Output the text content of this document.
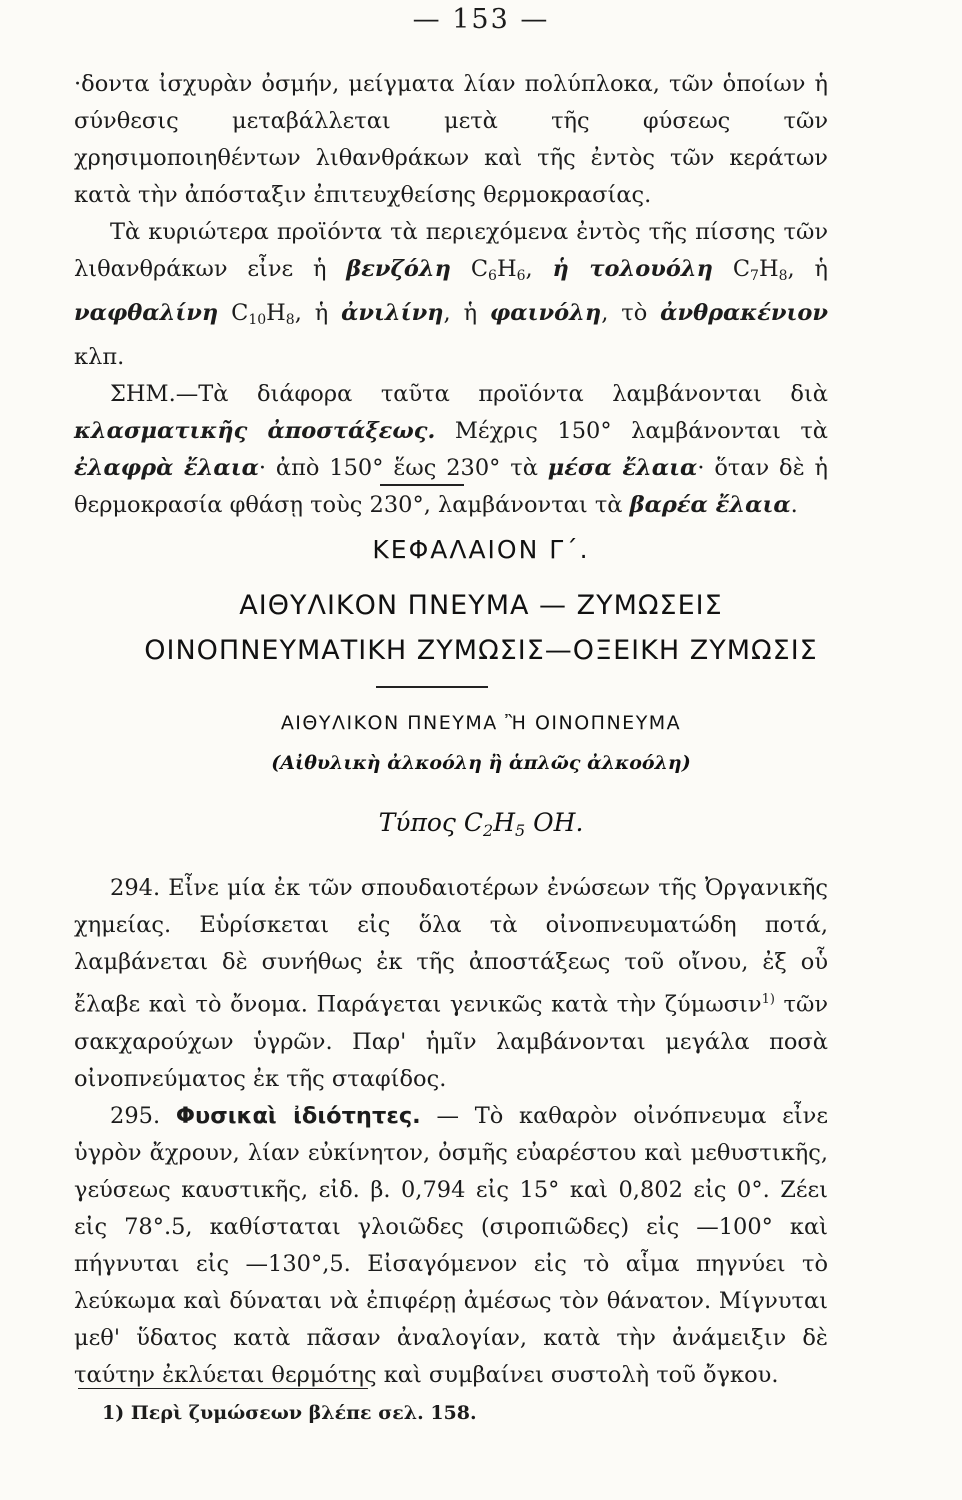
— 153 —

·δοντα ἰσχυρὰν ὀσμήν, μείγματα λίαν πολύπλοκα, τῶν ὁποίων ἡ σύνθεσις μεταβάλλεται μετὰ τῆς φύσεως τῶν χρησιμοποιηθέντων λιθανθράκων καὶ τῆς ἐντὸς τῶν κεράτων κατὰ τὴν ἀπόσταξιν ἐπιτευχθείσης θερμοκρασίας.

Τὰ κυριώτερα προϊόντα τὰ περιεχόμενα ἐντὸς τῆς πίσσης τῶν λιθανθράκων εἶνε ἡ βενζόλη $C_6H_6$, ἡ τολουόλη $C_7H_8$, ἡ ναφθαλίνη $C_{10}H_8$, ἡ ἀνιλίνη, ἡ φαινόλη, τὸ ἀνθρακένιον κλπ.

ΣΗΜ.—Τὰ διάφορα ταῦτα προϊόντα λαμβάνονται διὰ κλασματικῆς ἀποστάξεως. Μέχρις 150° λαμβάνονται τὰ ἐλαφρὰ ἔλαια· ἀπὸ 150° ἕως 230° τὰ μέσα ἔλαια· ὅταν δὲ ἡ θερμοκρασία φθάσῃ τοὺς 230°, λαμβάνονται τὰ βαρέα ἔλαια.

ΚΕΦΑΛΑΙΟΝ Γ΄.
ΑΙΘΥΛΙΚΟΝ ΠΝΕΥΜΑ — ΖΥΜΩΣΕΙΣ
ΟΙΝΟΠΝΕΥΜΑΤΙΚΗ ΖΥΜΩΣΙΣ—ΟΞΕΙΚΗ ΖΥΜΩΣΙΣ
ΑΙΘΥΛΙΚΟΝ ΠΝΕΥΜΑ Ἢ ΟΙΝΟΠΝΕΥΜΑ
(Αἰθυλικὴ ἀλκοόλη ἢ ἁπλῶς ἀλκοόλη)
Τύπος $C_2H_5$ OH.

294. Εἶνε μία ἐκ τῶν σπουδαιοτέρων ἐνώσεων τῆς Ὀργανικῆς χημείας. Εὑρίσκεται εἰς ὅλα τὰ οἰνοπνευματώδη ποτά, λαμβάνεται δὲ συνήθως ἐκ τῆς ἀποστάξεως τοῦ οἴνου, ἐξ οὗ ἔλαβε καὶ τὸ ὄνομα. Παράγεται γενικῶς κατὰ τὴν ζύμωσιν$^{1)}$ τῶν σακχαρούχων ὑγρῶν. Παρ' ἡμῖν λαμβάνονται μεγάλα ποσὰ οἰνοπνεύματος ἐκ τῆς σταφίδος.

295. Φυσικαὶ ἰδιότητες. — Τὸ καθαρὸν οἰνόπνευμα εἶνε ὑγρὸν ἄχρουν, λίαν εὐκίνητον, ὀσμῆς εὐαρέστου καὶ μεθυστικῆς, γεύσεως καυστικῆς, εἰδ. β. 0,794 εἰς 15° καὶ 0,802 εἰς 0°. Ζέει εἰς 78°.5, καθίσταται γλοιῶδες (σιροπιῶδες) εἰς —100° καὶ πήγνυται εἰς —130°,5. Εἰσαγόμενον εἰς τὸ αἷμα πηγνύει τὸ λεύκωμα καὶ δύναται νὰ ἐπιφέρῃ ἀμέσως τὸν θάνατον. Μίγνυται μεθ' ὕδατος κατὰ πᾶσαν ἀναλογίαν, κατὰ τὴν ἀνάμειξιν δὲ ταύτην ἐκλύεται θερμότης καὶ συμβαίνει συστολὴ τοῦ ὄγκου.

1) Περὶ ζυμώσεων βλέπε σελ. 158.
